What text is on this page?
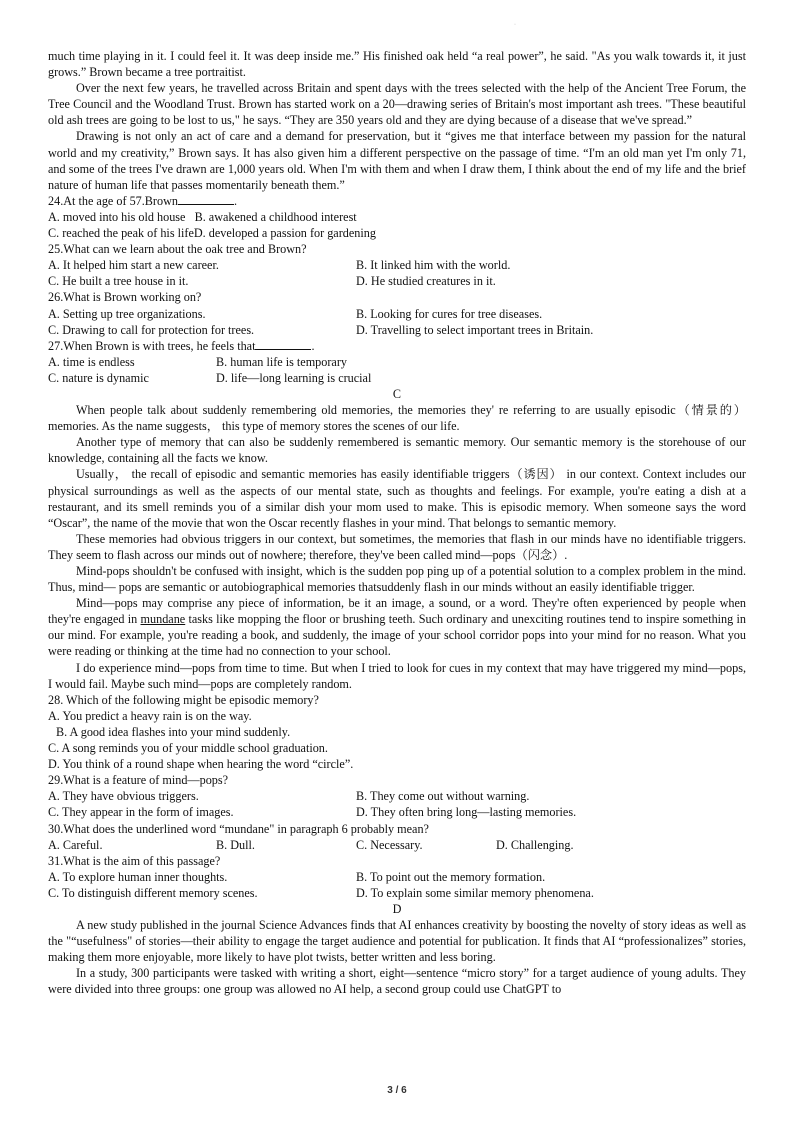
·

much time playing in it. I could feel it. It was deep inside me.” His finished oak held “a real power”, he said. "As you walk towards it, it just grows.” Brown became a tree portraitist.

Over the next few years, he travelled across Britain and spent days with the trees selected with the help of the Ancient Tree Forum, the Tree Council and the Woodland Trust. Brown has started work on a 20—drawing series of Britain's most important ash trees. "These beautiful old ash trees are going to be lost to us," he says. “They are 350 years old and they are dying because of a disease that we've spread.”

Drawing is not only an act of care and a demand for preservation, but it “gives me that interface between my passion for the natural world and my creativity,” Brown says. It has also given him a different perspective on the passage of time. “I'm an old man yet I'm only 71, and some of the trees I've drawn are 1,000 years old. When I'm with them and when I draw them, I think about the end of my life and the brief nature of human life that passes momentarily beneath them.”

24.At the age of 57.Brown	.

A. moved into his old house   B. awakened a childhood interest

C. reached the peak of his lifeD. developed a passion for gardening

25.What can we learn about the oak tree and Brown?

A. It helped him start a new career.	B. It linked him with the world.
C. He built a tree house in it.	D. He studied creatures in it.

26.What is Brown working on?

A. Setting up tree organizations.	B. Looking for cures for tree diseases.
C. Drawing to call for protection for trees.	D. Travelling to select important trees in Britain.

27.When Brown is with trees, he feels that	.

A. time is endless	B. human life is temporary
C. nature is dynamic	D. life—long learning is crucial

C

When people talk about suddenly remembering old memories, the memories they' re referring to are usually episodic（情景的）memories. As the name suggests， this type of memory stores the scenes of our life.

Another type of memory that can also be suddenly remembered is semantic memory. Our semantic memory is the storehouse of our knowledge, containing all the facts we know.

Usually， the recall of episodic and semantic memories has easily identifiable triggers（诱因） in our context. Context includes our physical surroundings as well as the aspects of our mental state, such as thoughts and feelings. For example, you're eating a dish at a restaurant, and its smell reminds you of a similar dish your mom used to make. This is episodic memory. When someone says the word “Oscar”, the name of the movie that won the Oscar recently flashes in your mind. That belongs to semantic memory.

These memories had obvious triggers in our context, but sometimes, the memories that flash in our minds have no identifiable triggers. They seem to flash across our minds out of nowhere; therefore, they've been called mind—pops（闪念）.

Mind-pops shouldn't be confused with insight, which is the sudden pop ping up of a potential solution to a complex problem in the mind. Thus, mind— pops are semantic or autobiographical memories thatsuddenly flash in our minds without an easily identifiable trigger.

Mind—pops may comprise any piece of information, be it an image, a sound, or a word. They're often experienced by people when they're engaged in mundane tasks like mopping the floor or brushing teeth. Such ordinary and unexciting routines tend to inspire something in our mind. For example, you're reading a book, and suddenly, the image of your school corridor pops into your mind for no reason. What you were reading or thinking at the time had no connection to your school.

I do experience mind—pops from time to time. But when I tried to look for cues in my context that may have triggered my mind—pops, I would fail. Maybe such mind—pops are completely random.

28. Which of the following might be episodic memory?

A. You predict a heavy rain is on the way.

B. A good idea flashes into your mind suddenly.

C. A song reminds you of your middle school graduation.

D. You think of a round shape when hearing the word “circle”.

29.What is a feature of mind—pops?

A. They have obvious triggers.	B. They come out without warning.
C. They appear in the form of images.	D. They often bring long—lasting memories.

30.What does the underlined word “mundane" in paragraph 6 probably mean?

A. Careful.	B. Dull.	C. Necessary.	D. Challenging.

31.What is the aim of this passage?

A. To explore human inner thoughts.	B. To point out the memory formation.
C. To distinguish different memory scenes.	D. To explain some similar memory phenomena.

D

A new study published in the journal Science Advances finds that AI enhances creativity by boosting the novelty of story ideas as well as the "“usefulness" of stories—their ability to engage the target audience and potential for publication. It finds that AI “professionalizes” stories, making them more enjoyable, more likely to have plot twists, better written and less boring.

In a study, 300 participants were tasked with writing a short, eight—sentence “micro story” for a target audience of young adults. They were divided into three groups: one group was allowed no AI help, a second group could use ChatGPT to

3 / 6
